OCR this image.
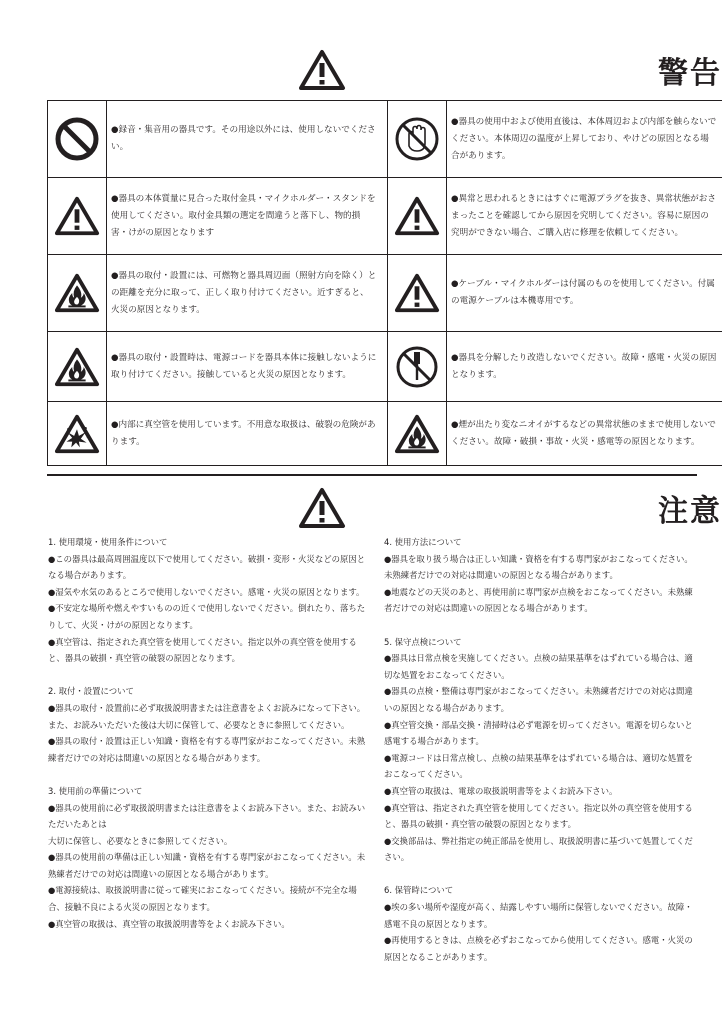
警告
	●録音・集音用の器具です。その用途以外には、使用しないでください。		●器具の使用中および使用直後は、本体周辺および内部を触らないでください。本体周辺の温度が上昇しており、やけどの原因となる場合があります。

	●器具の本体質量に見合った取付金具・マイクホルダー・スタンドを使用してください。取付金具類の選定を間違うと落下し、物的損害・けがの原因となります		●異常と思われるときにはすぐに電源プラグを抜き、異常状態がおさまったことを確認してから原因を究明してください。容易に原因の究明ができない場合、ご購入店に修理を依頼してください。

	●器具の取付・設置には、可燃物と器具周辺面（照射方向を除く）との距離を充分に取って、正しく取り付けてください。近すぎると、火災の原因となります。		●ケーブル・マイクホルダーは付属のものを使用してください。付属の電源ケーブルは本機専用です。

	●器具の取付・設置時は、電源コードを器具本体に接触しないように取り付けてください。接触していると火災の原因となります。		●器具を分解したり改造しないでください。故障・感電・火災の原因となります。

	●内部に真空管を使用しています。不用意な取扱は、破裂の危険があります。		●煙が出たり変なニオイがするなどの異常状態のままで使用しないでください。故障・破損・事故・火災・感電等の原因となります。
注意

1. 使用環境・使用条件について

●この器具は最高周囲温度以下で使用してください。破損・変形・火災などの原因となる場合があります。

●湿気や水気のあるところで使用しないでください。感電・火災の原因となります。

●不安定な場所や燃えやすいものの近くで使用しないでください。倒れたり、落ちたりして、火災・けがの原因となります。

●真空管は、指定された真空管を使用してください。指定以外の真空管を使用すると、器具の破損・真空管の破裂の原因となります。

2. 取付・設置について

●器具の取付・設置前に必ず取扱説明書または注意書をよくお読みになって下さい。また、お読みいただいた後は大切に保管して、必要なときに参照してください。

●器具の取付・設置は正しい知識・資格を有する専門家がおこなってください。未熟練者だけでの対応は間違いの原因となる場合があります。

3. 使用前の準備について

●器具の使用前に必ず取扱説明書または注意書をよくお読み下さい。また、お読みいただいたあとは

大切に保管し、必要なときに参照してください。

●器具の使用前の準備は正しい知識・資格を有する専門家がおこなってください。未熟練者だけでの対応は間違いの原因となる場合があります。

●電源接続は、取扱説明書に従って確実におこなってください。接続が不完全な場合、接触不良による火災の原因となります。

●真空管の取扱は、真空管の取扱説明書等をよくお読み下さい。

4. 使用方法について

●器具を取り扱う場合は正しい知識・資格を有する専門家がおこなってください。未熟練者だけでの対応は間違いの原因となる場合があります。

●地震などの天災のあと、再使用前に専門家が点検をおこなってください。未熟練者だけでの対応は間違いの原因となる場合があります。

5. 保守点検について

●器具は日常点検を実施してください。点検の結果基準をはずれている場合は、適切な処置をおこなってください。

●器具の点検・整備は専門家がおこなってください。未熟練者だけでの対応は間違いの原因となる場合があります。

●真空管交換・部品交換・清掃時は必ず電源を切ってください。電源を切らないと感電する場合があります。

●電源コードは日常点検し、点検の結果基準をはずれている場合は、適切な処置をおこなってください。

●真空管の取扱は、電球の取扱説明書等をよくお読み下さい。

●真空管は、指定された真空管を使用してください。指定以外の真空管を使用すると、器具の破損・真空管の破裂の原因となります。

●交換部品は、弊社指定の純正部品を使用し、取扱説明書に基づいて処置してください。

6. 保管時について

●埃の多い場所や湿度が高く、結露しやすい場所に保管しないでください。故障・感電不良の原因となります。

●再使用するときは、点検を必ずおこなってから使用してください。感電・火災の原因となることがあります。
